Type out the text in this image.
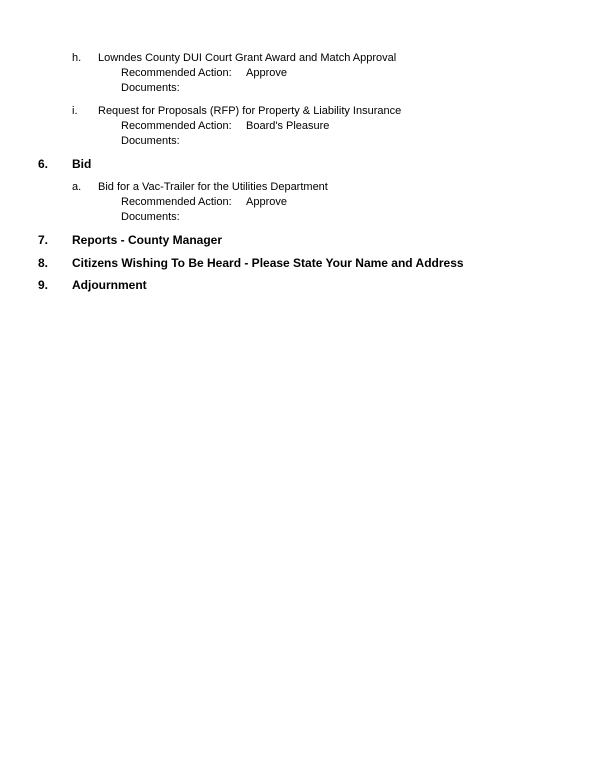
h. Lowndes County DUI Court Grant Award and Match Approval
Recommended Action: Approve
Documents:
i. Request for Proposals (RFP) for Property & Liability Insurance
Recommended Action: Board's Pleasure
Documents:
6. Bid
a. Bid for a Vac-Trailer for the Utilities Department
Recommended Action: Approve
Documents:
7. Reports - County Manager
8. Citizens Wishing To Be Heard - Please State Your Name and Address
9. Adjournment
